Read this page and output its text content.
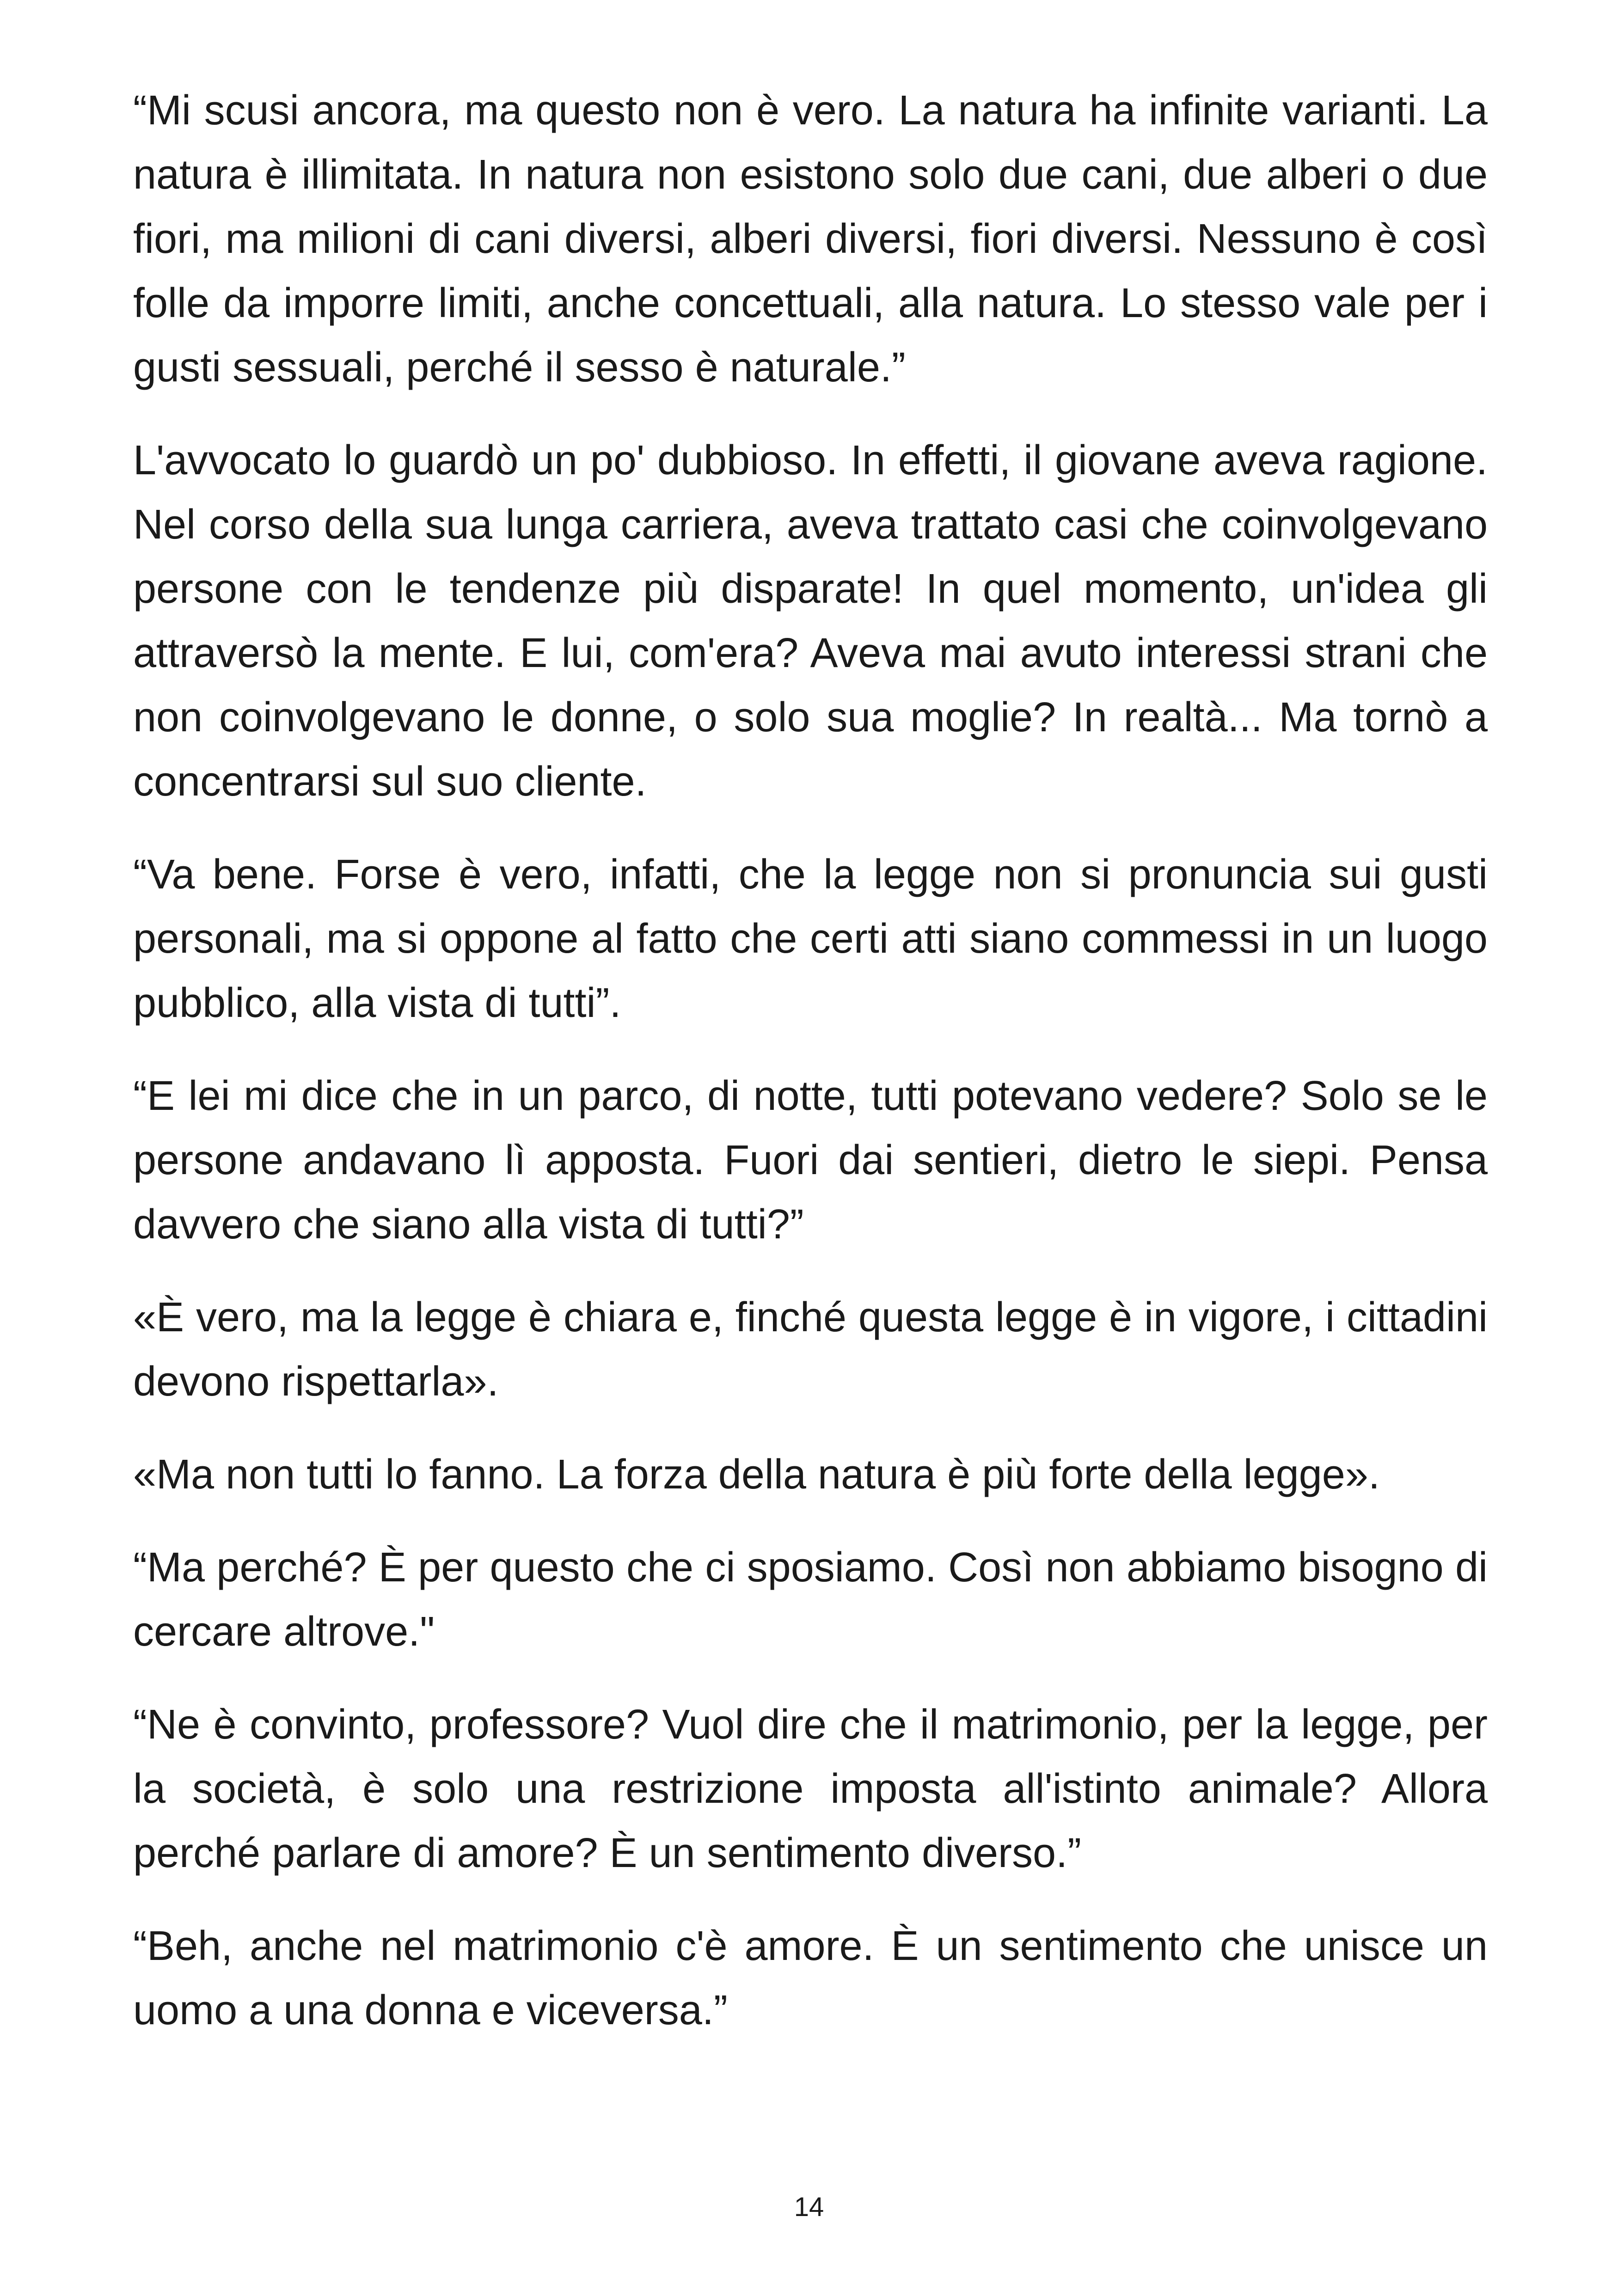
“Mi scusi ancora, ma questo non è vero. La natura ha infinite varianti. La natura è illimitata. In natura non esistono solo due cani, due alberi o due fiori, ma milioni di cani diversi, alberi diversi, fiori diversi. Nessuno è così folle da imporre limiti, anche concettuali, alla natura. Lo stesso vale per i gusti sessuali, perché il sesso è naturale.”

L'avvocato lo guardò un po' dubbioso. In effetti, il giovane aveva ragione. Nel corso della sua lunga carriera, aveva trattato casi che coinvolgevano persone con le tendenze più disparate! In quel momento, un'idea gli attraversò la mente. E lui, com'era? Aveva mai avuto interessi strani che non coinvolgevano le donne, o solo sua moglie? In realtà... Ma tornò a concentrarsi sul suo cliente.

“Va bene. Forse è vero, infatti, che la legge non si pronuncia sui gusti personali, ma si oppone al fatto che certi atti siano commessi in un luogo pubblico, alla vista di tutti”.

“E lei mi dice che in un parco, di notte, tutti potevano vedere? Solo se le persone andavano lì apposta. Fuori dai sentieri, dietro le siepi. Pensa davvero che siano alla vista di tutti?”

«È vero, ma la legge è chiara e, finché questa legge è in vigore, i cittadini devono rispettarla».

«Ma non tutti lo fanno. La forza della natura è più forte della legge».

“Ma perché? È per questo che ci sposiamo. Così non abbiamo bisogno di cercare altrove."

“Ne è convinto, professore? Vuol dire che il matrimonio, per la legge, per la società, è solo una restrizione imposta all'istinto animale? Allora perché parlare di amore? È un sentimento diverso.”

“Beh, anche nel matrimonio c'è amore. È un sentimento che unisce un uomo a una donna e viceversa.”

14
